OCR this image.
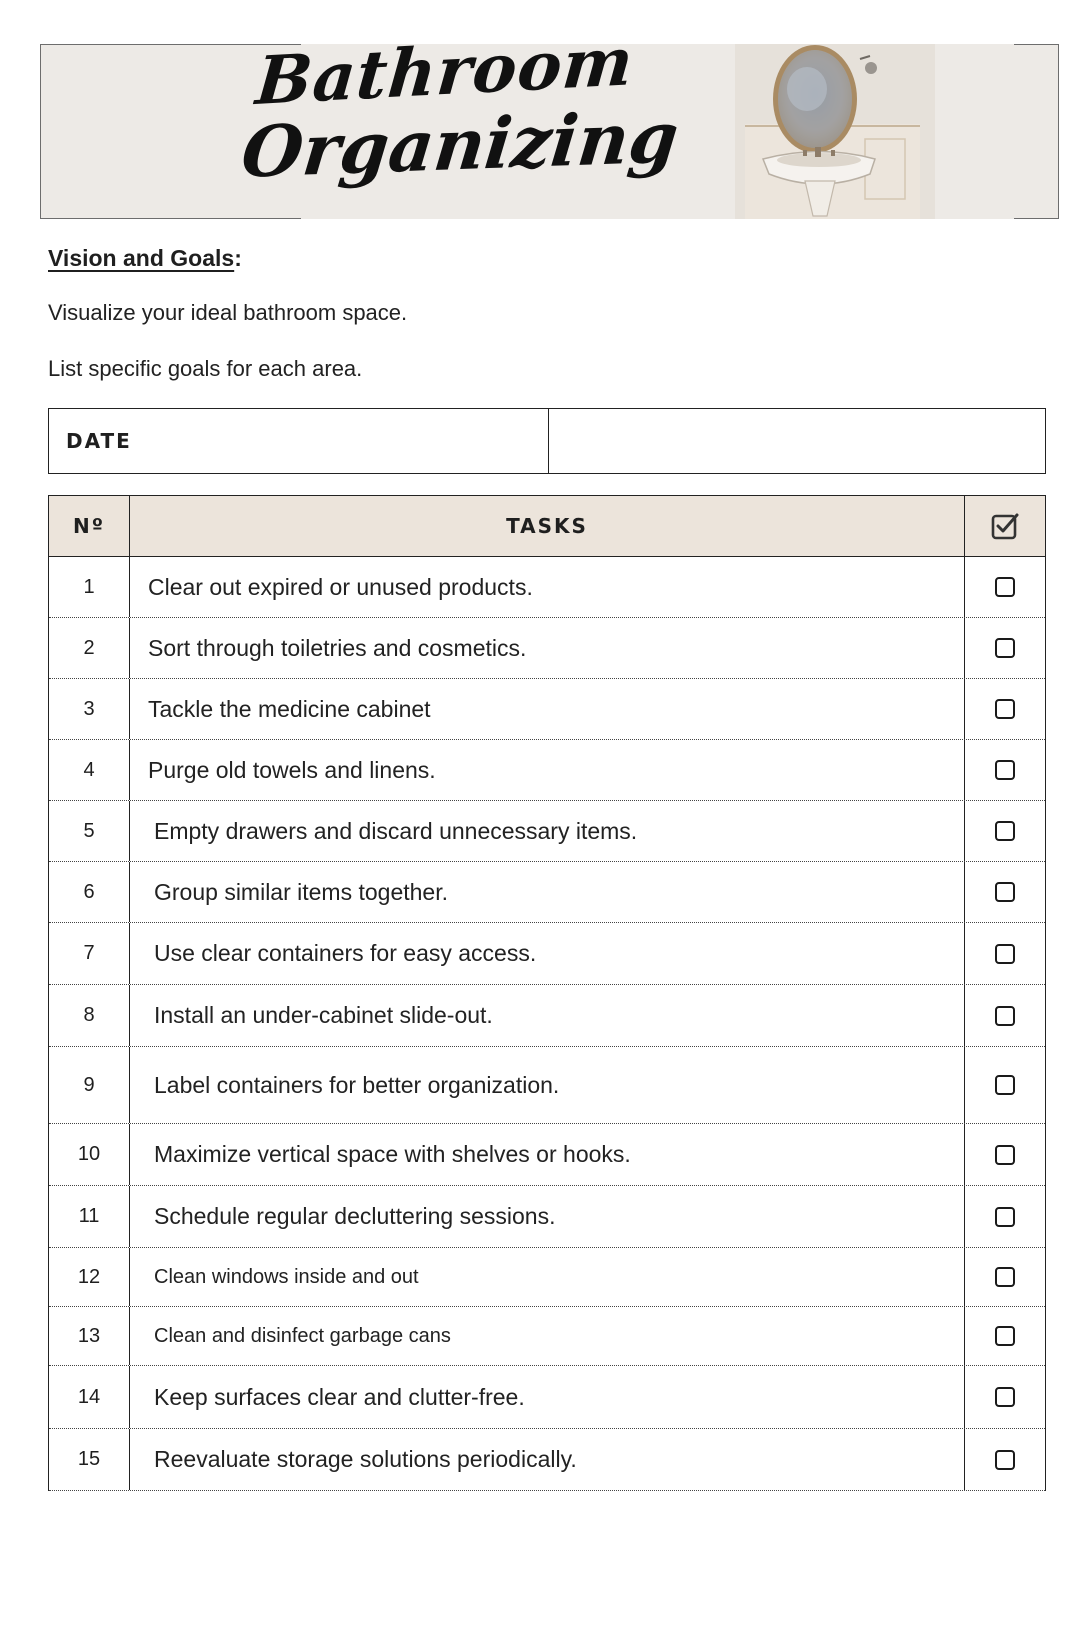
Bathroom
Organizing
Vision and Goals:
Visualize your ideal bathroom space.
List specific goals for each area.
DATE
Nº	TASKS
1	Clear out expired or unused products.
2	Sort through toiletries and cosmetics.
3	Tackle the medicine cabinet
4	Purge old towels and linens.
5	Empty drawers and discard unnecessary items.
6	Group similar items together.
7	Use clear containers for easy access.
8	Install an under-cabinet slide-out.
9	Label containers for better organization.
10	Maximize vertical space with shelves or hooks.
11	Schedule regular decluttering sessions.
12	Clean windows inside and out
13	Clean and disinfect garbage cans
14	Keep surfaces clear and clutter-free.
15	Reevaluate storage solutions periodically.
